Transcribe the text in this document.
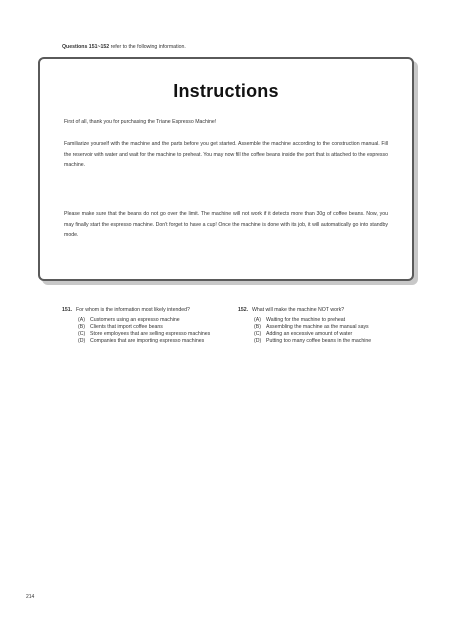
Questions 151~152 refer to the following information.
Instructions
First of all, thank you for purchasing the Triane Espresso Machine!
Familiarize yourself with the machine and the parts before you get started. Assemble the machine according to the construction manual. Fill the reservoir with water and wait for the machine to preheat. You may now fill the coffee beans inside the port that is attached to the espresso machine.
Please make sure that the beans do not go over the limit. The machine will not work if it detects more than 30g of coffee beans. Now, you may finally start the espresso machine. Don't forget to have a cup! Once the machine is done with its job, it will automatically go into standby mode.
151. For whom is the information most likely intended?
(A) Customers using an espresso machine
(B) Clients that import coffee beans
(C) Store employees that are selling espresso machines
(D) Companies that are importing espresso machines
152. What will make the machine NOT work?
(A) Waiting for the machine to preheat
(B) Assembling the machine as the manual says
(C) Adding an excessive amount of water
(D) Putting too many coffee beans in the machine
214
